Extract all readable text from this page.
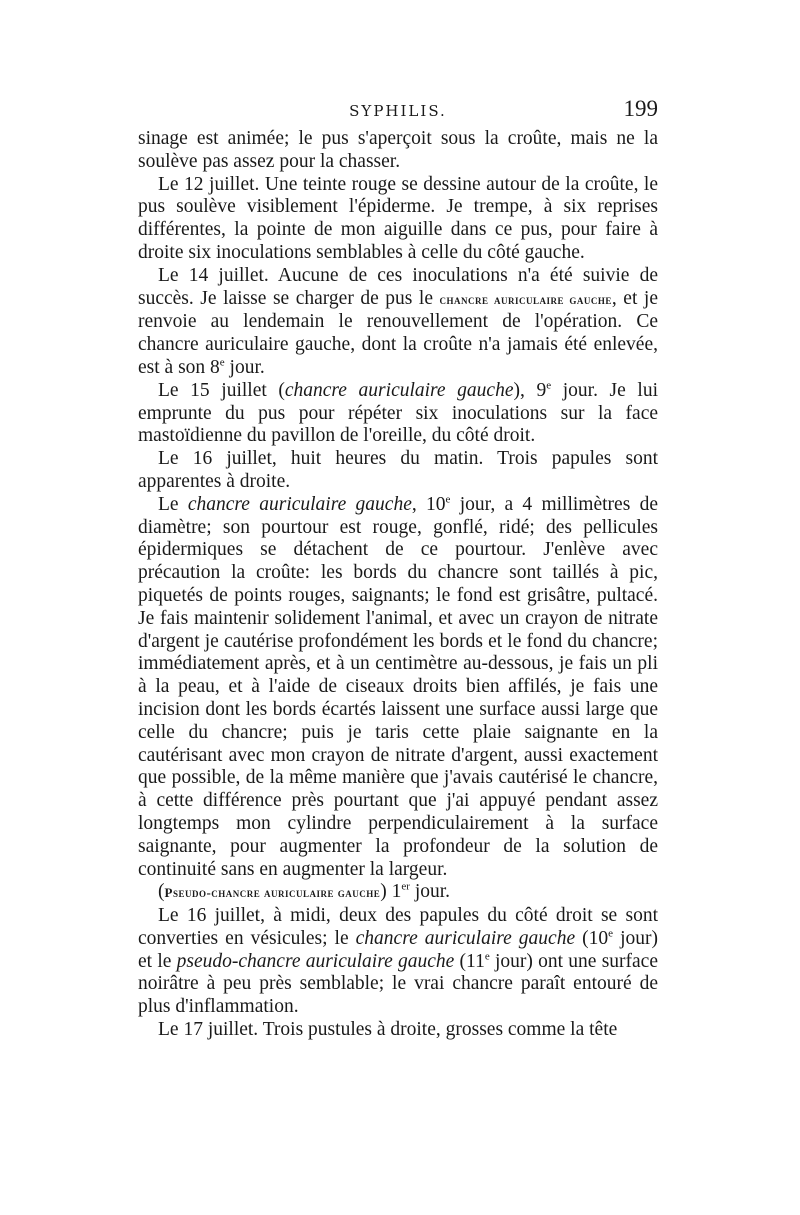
SYPHILIS.	199

sinage est animée; le pus s'aperçoit sous la croûte, mais ne la soulève pas assez pour la chasser.

Le 12 juillet. Une teinte rouge se dessine autour de la croûte, le pus soulève visiblement l'épiderme. Je trempe, à six reprises différentes, la pointe de mon aiguille dans ce pus, pour faire à droite six inoculations semblables à celle du côté gauche.

Le 14 juillet. Aucune de ces inoculations n'a été suivie de succès. Je laisse se charger de pus le chancre auriculaire gauche, et je renvoie au lendemain le renouvellement de l'opération. Ce chancre auriculaire gauche, dont la croûte n'a jamais été enlevée, est à son 8e jour.

Le 15 juillet (chancre auriculaire gauche), 9e jour. Je lui emprunte du pus pour répéter six inoculations sur la face mastoïdienne du pavillon de l'oreille, du côté droit.

Le 16 juillet, huit heures du matin. Trois papules sont apparentes à droite.

Le chancre auriculaire gauche, 10e jour, a 4 millimètres de diamètre; son pourtour est rouge, gonflé, ridé; des pellicules épidermiques se détachent de ce pourtour. J'enlève avec précaution la croûte: les bords du chancre sont taillés à pic, piquetés de points rouges, saignants; le fond est grisâtre, pultacé. Je fais maintenir solidement l'animal, et avec un crayon de nitrate d'argent je cautérise profondément les bords et le fond du chancre; immédiatement après, et à un centimètre au-dessous, je fais un pli à la peau, et à l'aide de ciseaux droits bien affilés, je fais une incision dont les bords écartés laissent une surface aussi large que celle du chancre; puis je taris cette plaie saignante en la cautérisant avec mon crayon de nitrate d'argent, aussi exactement que possible, de la même manière que j'avais cautérisé le chancre, à cette différence près pourtant que j'ai appuyé pendant assez longtemps mon cylindre perpendiculairement à la surface saignante, pour augmenter la profondeur de la solution de continuité sans en augmenter la largeur.

(Pseudo-chancre auriculaire gauche) 1er jour.

Le 16 juillet, à midi, deux des papules du côté droit se sont converties en vésicules; le chancre auriculaire gauche (10e jour) et le pseudo-chancre auriculaire gauche (11e jour) ont une surface noirâtre à peu près semblable; le vrai chancre paraît entouré de plus d'inflammation.

Le 17 juillet. Trois pustules à droite, grosses comme la tête
